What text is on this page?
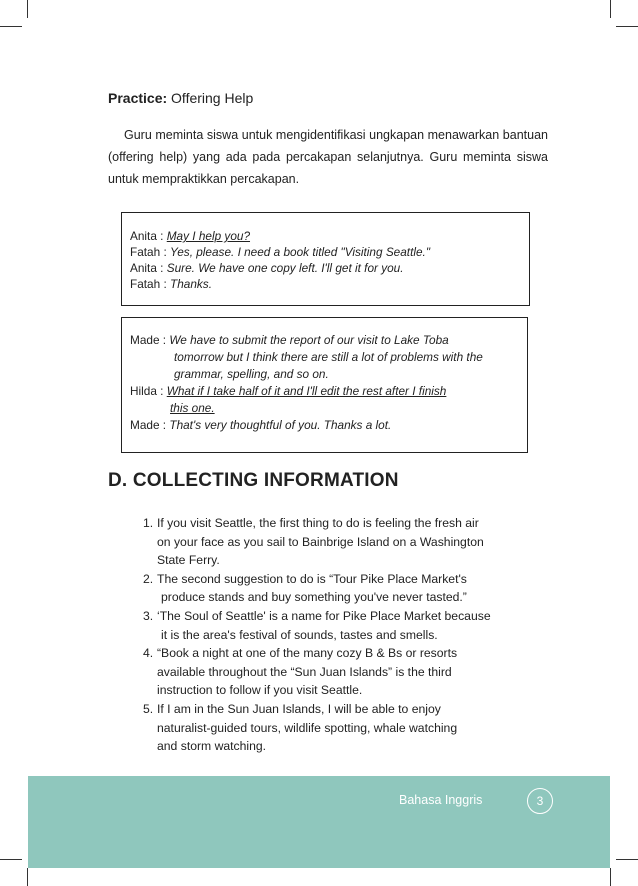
Practice: Offering Help
Guru meminta siswa untuk mengidentifikasi ungkapan menawarkan bantuan (offering help) yang ada pada percakapan selanjutnya. Guru meminta siswa untuk mempraktikkan percakapan.
Anita : May I help you?
Fatah : Yes, please. I need a book titled "Visiting Seattle."
Anita : Sure. We have one copy left. I'll get it for you.
Fatah : Thanks.
Made : We have to submit the report of our visit to Lake Toba
tomorrow but I think there are still a lot of problems with the
grammar, spelling, and so on.
Hilda : What if I take half of it and I'll edit the rest after I finish
this one.
Made : That's very thoughtful of you. Thanks a lot.
D. COLLECTING INFORMATION
1. If you visit Seattle, the first thing to do is feeling the fresh air
on your face as you sail to Bainbrige Island on a Washington
State Ferry.
2. The second suggestion to do is “Tour Pike Place Market's
produce stands and buy something you've never tasted.”
3. ‘The Soul of Seattle' is a name for Pike Place Market because
it is the area's festival of sounds, tastes and smells.
4. “Book a night at one of the many cozy B & Bs or resorts
available throughout the “Sun Juan Islands” is the third
instruction to follow if you visit Seattle.
5. If I am in the Sun Juan Islands, I will be able to enjoy
naturalist-guided tours, wildlife spotting, whale watching
and storm watching.
Bahasa Inggris	3
